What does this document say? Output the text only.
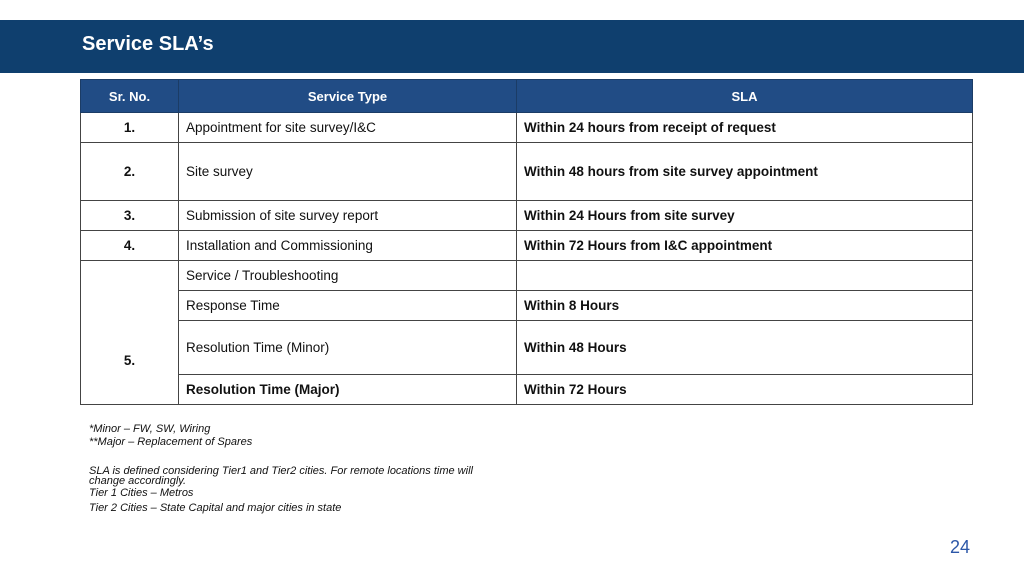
Service SLA’s
Sr. No.	Service Type	SLA
1.	Appointment for site survey/I&C	Within 24 hours from receipt of request
2.	Site survey	Within 48 hours from site survey appointment
3.	Submission of site survey report	Within 24 Hours from site survey
4.	Installation and Commissioning	Within 72 Hours from I&C appointment
5.	Service / Troubleshooting	
	Response Time	Within 8 Hours
	Resolution Time (Minor)	Within 48 Hours
	Resolution Time (Major)	Within 72 Hours
*Minor – FW, SW, Wiring
**Major – Replacement of Spares
SLA is defined considering Tier1 and Tier2 cities. For remote locations time will
change accordingly.
Tier 1 Cities – Metros
Tier 2 Cities – State Capital and major cities in state
24
